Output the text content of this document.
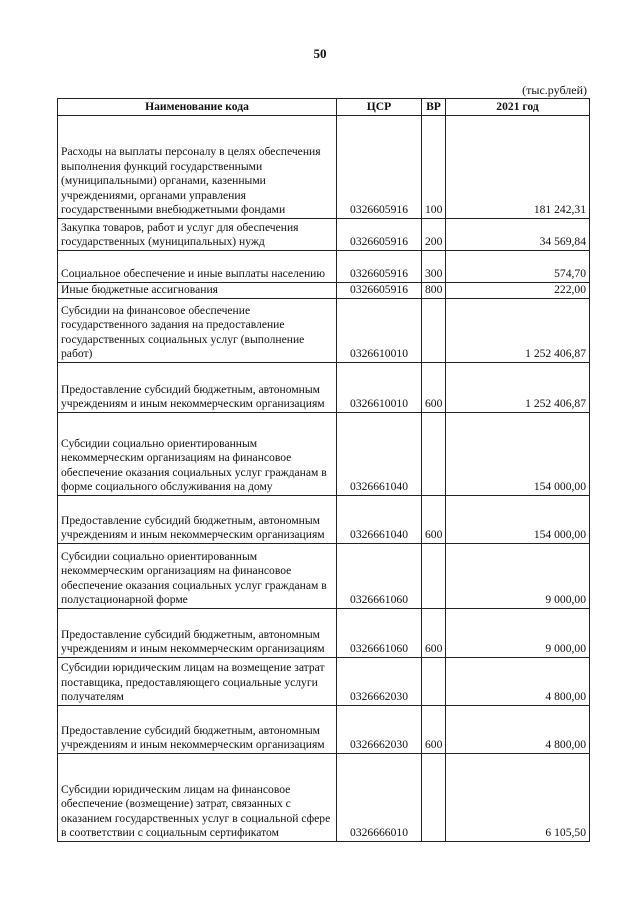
50
(тыс.рублей)
Наименование кода	ЦСР	ВР	2021 год
Расходы на выплаты персоналу в целях обеспечения выполнения функций государственными (муниципальными) органами, казенными учреждениями, органами управления государственными внебюджетными фондами	0326605916	100	181 242,31
Закупка товаров, работ и услуг для обеспечения государственных (муниципальных) нужд	0326605916	200	34 569,84
Социальное обеспечение и иные выплаты населению	0326605916	300	574,70
Иные бюджетные ассигнования	0326605916	800	222,00
Субсидии на финансовое обеспечение государственного задания на предоставление государственных социальных услуг (выполнение работ)	0326610010		1 252 406,87
Предоставление субсидий бюджетным, автономным учреждениям и иным некоммерческим организациям	0326610010	600	1 252 406,87
Субсидии социально ориентированным некоммерческим организациям на финансовое обеспечение оказания социальных услуг гражданам в форме социального обслуживания на дому	0326661040		154 000,00
Предоставление субсидий бюджетным, автономным учреждениям и иным некоммерческим организациям	0326661040	600	154 000,00
Субсидии социально ориентированным некоммерческим организациям на финансовое обеспечение оказания социальных услуг гражданам в полустационарной форме	0326661060		9 000,00
Предоставление субсидий бюджетным, автономным учреждениям и иным некоммерческим организациям	0326661060	600	9 000,00
Субсидии юридическим лицам на возмещение затрат поставщика, предоставляющего социальные услуги получателям	0326662030		4 800,00
Предоставление субсидий бюджетным, автономным учреждениям и иным некоммерческим организациям	0326662030	600	4 800,00
Субсидии юридическим лицам на финансовое обеспечение (возмещение) затрат, связанных с оказанием государственных услуг в социальной сфере в соответствии с социальным сертификатом	0326666010		6 105,50
